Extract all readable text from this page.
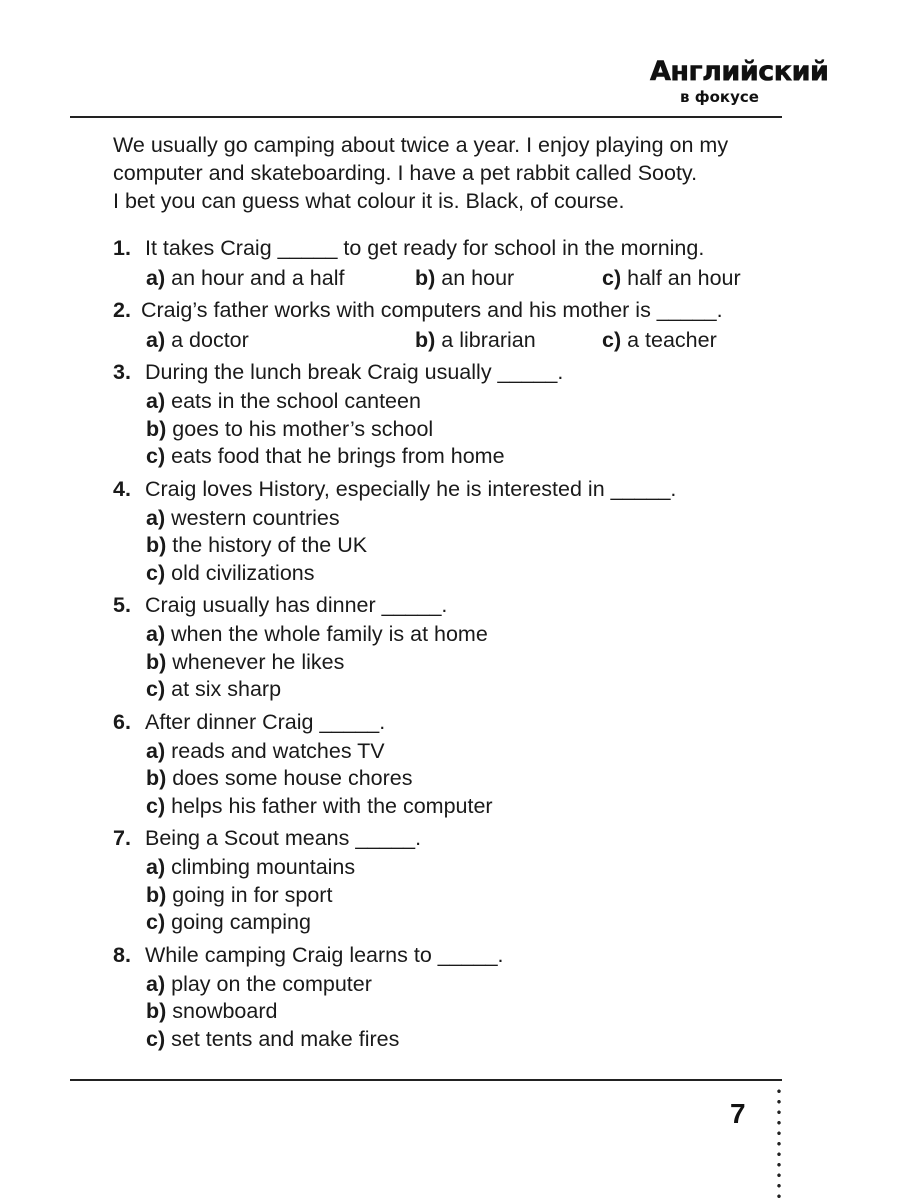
Английский
в фокусе

We usually go camping about twice a year. I enjoy playing on my

computer and skateboarding. I have a pet rabbit called Sooty.

I bet you can guess what colour it is. Black, of course.

1. It takes Craig _____ to get ready for school in the morning.
a) an hour and a half	b) an hour	c) half an hour
2. Craig’s father works with computers and his mother is _____.
a) a doctor	b) a librarian	c) a teacher
3. During the lunch break Craig usually _____.
a) eats in the school canteen
b) goes to his mother’s school
c) eats food that he brings from home
4. Craig loves History, especially he is interested in _____.
a) western countries
b) the history of the UK
c) old civilizations
5. Craig usually has dinner _____.
a) when the whole family is at home
b) whenever he likes
c) at six sharp
6. After dinner Craig _____.
a) reads and watches TV
b) does some house chores
c) helps his father with the computer
7. Being a Scout means _____.
a) climbing mountains
b) going in for sport
c) going camping
8. While camping Craig learns to _____.
a) play on the computer
b) snowboard
c) set tents and make fires
7
